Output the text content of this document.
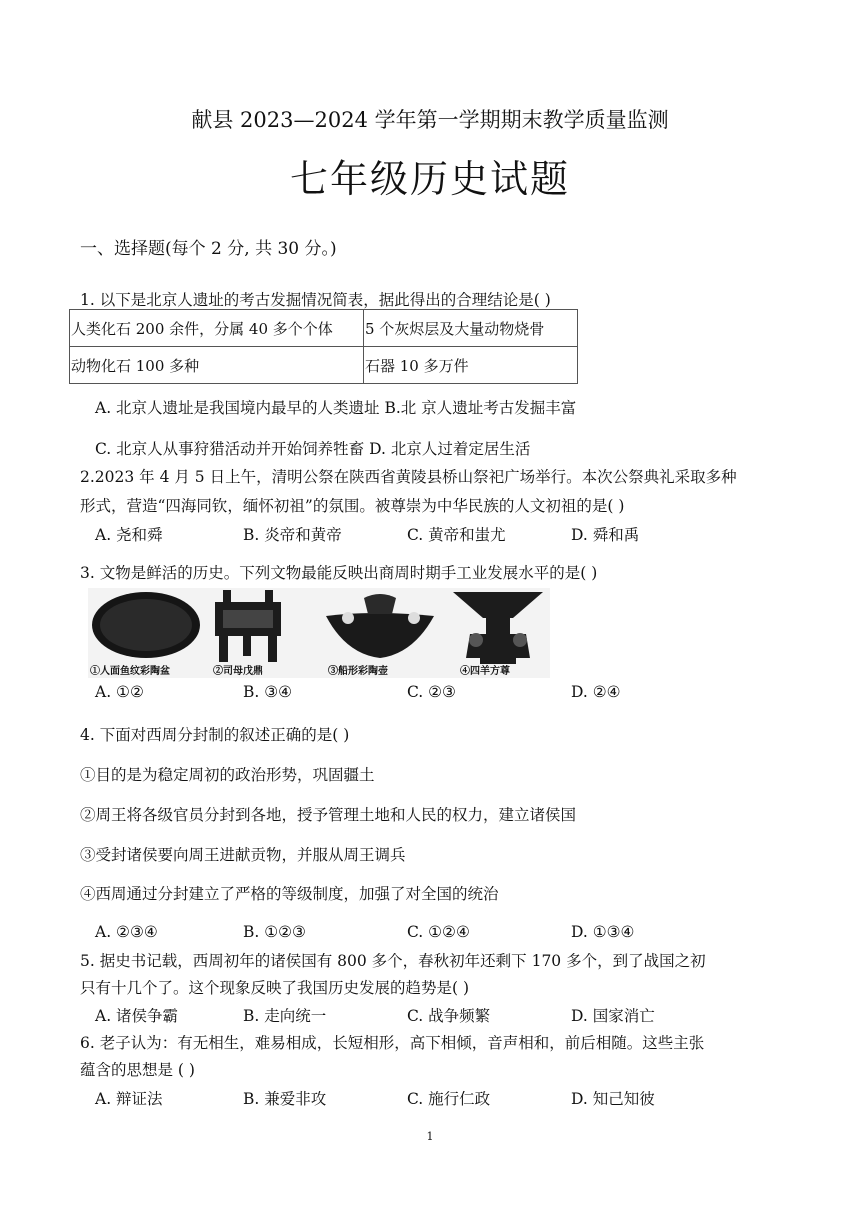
献县 2023—2024 学年第一学期期末教学质量监测
七年级历史试题
一、选择题(每个 2 分, 共 30 分。)
1. 以下是北京人遗址的考古发掘情况简表，据此得出的合理结论是( )
人类化石 200 余件，分属 40 多个个体	5 个灰烬层及大量动物烧骨
动物化石 100 多种	石器 10 多万件
A. 北京人遗址是我国境内最早的人类遗址 B.北 京人遗址考古发掘丰富
C. 北京人从事狩猎活动并开始饲养牲畜 D. 北京人过着定居生活
2.2023 年 4 月 5 日上午，清明公祭在陕西省黄陵县桥山祭祀广场举行。本次公祭典礼采取多种
形式，营造“四海同钦，缅怀初祖”的氛围。被尊崇为中华民族的人文初祖的是( )
A. 尧和舜	B. 炎帝和黄帝	C. 黄帝和蚩尤	D. 舜和禹
3. 文物是鲜活的历史。下列文物最能反映出商周时期手工业发展水平的是( )
①人面鱼纹彩陶盆	②司母戊鼎	③船形彩陶壶	④四羊方尊
A. ①②	B. ③④	C. ②③	D. ②④
4. 下面对西周分封制的叙述正确的是( )
①目的是为稳定周初的政治形势，巩固疆土
②周王将各级官员分封到各地，授予管理土地和人民的权力，建立诸侯国
③受封诸侯要向周王进献贡物，并服从周王调兵
④西周通过分封建立了严格的等级制度，加强了对全国的统治
A. ②③④	B. ①②③	C. ①②④	D. ①③④
5. 据史书记载，西周初年的诸侯国有 800 多个，春秋初年还剩下 170 多个，到了战国之初
只有十几个了。这个现象反映了我国历史发展的趋势是( )
A. 诸侯争霸	B. 走向统一	C. 战争频繁	D. 国家消亡
6. 老子认为：有无相生，难易相成，长短相形，高下相倾，音声相和，前后相随。这些主张
蕴含的思想是 ( )
A. 辩证法	B. 兼爱非攻	C. 施行仁政	D. 知己知彼
1
